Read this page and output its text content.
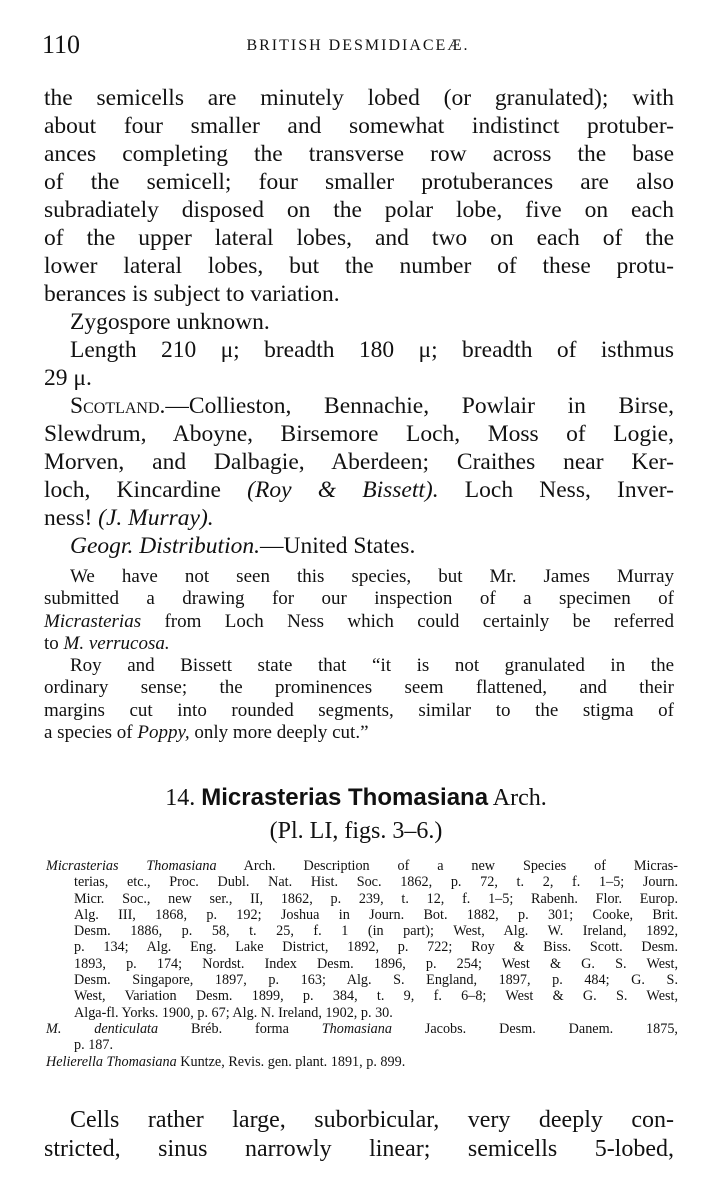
110	BRITISH DESMIDIACEÆ.
the semicells are minutely lobed (or granulated); with
about four smaller and somewhat indistinct protuber-
ances completing the transverse row across the base
of the semicell; four smaller protuberances are also
subradiately disposed on the polar lobe, five on each
of the upper lateral lobes, and two on each of the
lower lateral lobes, but the number of these protu-
berances is subject to variation.
Zygospore unknown.
Length 210 μ; breadth 180 μ; breadth of isthmus
29 μ.
Scotland.—Collieston, Bennachie, Powlair in Birse,
Slewdrum, Aboyne, Birsemore Loch, Moss of Logie,
Morven, and Dalbagie, Aberdeen; Craithes near Ker-
loch, Kincardine (Roy & Bissett). Loch Ness, Inver-
ness! (J. Murray).
Geogr. Distribution.—United States.
We have not seen this species, but Mr. James Murray
submitted a drawing for our inspection of a specimen of
Micrasterias from Loch Ness which could certainly be referred
to M. verrucosa.
Roy and Bissett state that “it is not granulated in the
ordinary sense; the prominences seem flattened, and their
margins cut into rounded segments, similar to the stigma of
a species of Poppy, only more deeply cut.”
14. Micrasterias Thomasiana Arch.
(Pl. LI, figs. 3–6.)
Micrasterias Thomasiana Arch. Description of a new Species of Micras-
terias, etc., Proc. Dubl. Nat. Hist. Soc. 1862, p. 72, t. 2, f. 1–5; Journ.
Micr. Soc., new ser., II, 1862, p. 239, t. 12, f. 1–5; Rabenh. Flor. Europ.
Alg. III, 1868, p. 192; Joshua in Journ. Bot. 1882, p. 301; Cooke, Brit.
Desm. 1886, p. 58, t. 25, f. 1 (in part); West, Alg. W. Ireland, 1892,
p. 134; Alg. Eng. Lake District, 1892, p. 722; Roy & Biss. Scott. Desm.
1893, p. 174; Nordst. Index Desm. 1896, p. 254; West & G. S. West,
Desm. Singapore, 1897, p. 163; Alg. S. England, 1897, p. 484; G. S.
West, Variation Desm. 1899, p. 384, t. 9, f. 6–8; West & G. S. West,
Alga-fl. Yorks. 1900, p. 67; Alg. N. Ireland, 1902, p. 30.
M. denticulata Bréb. forma Thomasiana Jacobs. Desm. Danem. 1875,
p. 187.
Helierella Thomasiana Kuntze, Revis. gen. plant. 1891, p. 899.
Cells rather large, suborbicular, very deeply con-
stricted, sinus narrowly linear; semicells 5-lobed,
